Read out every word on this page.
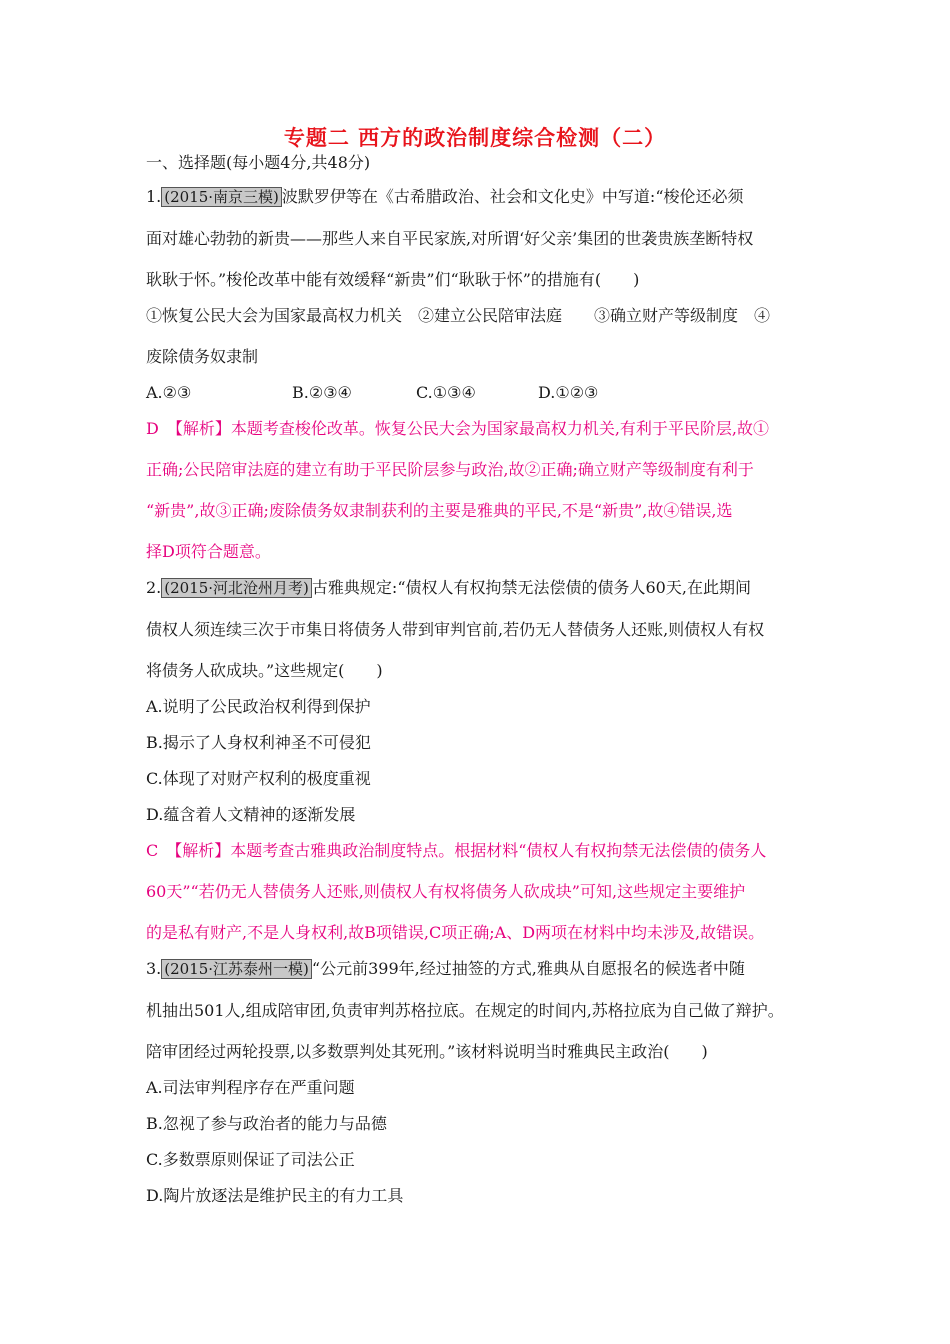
专题二 西方的政治制度综合检测（二）
一、选择题(每小题4分,共48分)
1. (2015·南京三模) 波默罗伊等在《古希腊政治、社会和文化史》中写道:“梭伦还必须
面对雄心勃勃的新贵——那些人来自平民家族,对所谓‘好父亲’集团的世袭贵族垄断特权
耿耿于怀。”梭伦改革中能有效缓释“新贵”们“耿耿于怀”的措施有(　　)
①恢复公民大会为国家最高权力机关　②建立公民陪审法庭　　③确立财产等级制度　④
废除债务奴隶制
A.②③	B.②③④	C.①③④	D.①②③
D　【解析】本题考查梭伦改革。恢复公民大会为国家最高权力机关,有利于平民阶层,故①
正确;公民陪审法庭的建立有助于平民阶层参与政治,故②正确;确立财产等级制度有利于
“新贵”,故③正确;废除债务奴隶制获利的主要是雅典的平民,不是“新贵”,故④错误,选
择D项符合题意。
2. (2015·河北沧州月考) 古雅典规定:“债权人有权拘禁无法偿债的债务人60天,在此期间
债权人须连续三次于市集日将债务人带到审判官前,若仍无人替债务人还账,则债权人有权
将债务人砍成块。”这些规定(　　)
A.说明了公民政治权利得到保护
B.揭示了人身权利神圣不可侵犯
C.体现了对财产权利的极度重视
D.蕴含着人文精神的逐渐发展
C　【解析】本题考查古雅典政治制度特点。根据材料“债权人有权拘禁无法偿债的债务人
60天”“若仍无人替债务人还账,则债权人有权将债务人砍成块”可知,这些规定主要维护
的是私有财产,不是人身权利,故B项错误,C项正确;A、D两项在材料中均未涉及,故错误。
3. (2015·江苏泰州一模) “公元前399年,经过抽签的方式,雅典从自愿报名的候选者中随
机抽出501人,组成陪审团,负责审判苏格拉底。在规定的时间内,苏格拉底为自己做了辩护。
陪审团经过两轮投票,以多数票判处其死刑。”该材料说明当时雅典民主政治(　　)
A.司法审判程序存在严重问题
B.忽视了参与政治者的能力与品德
C.多数票原则保证了司法公正
D.陶片放逐法是维护民主的有力工具
